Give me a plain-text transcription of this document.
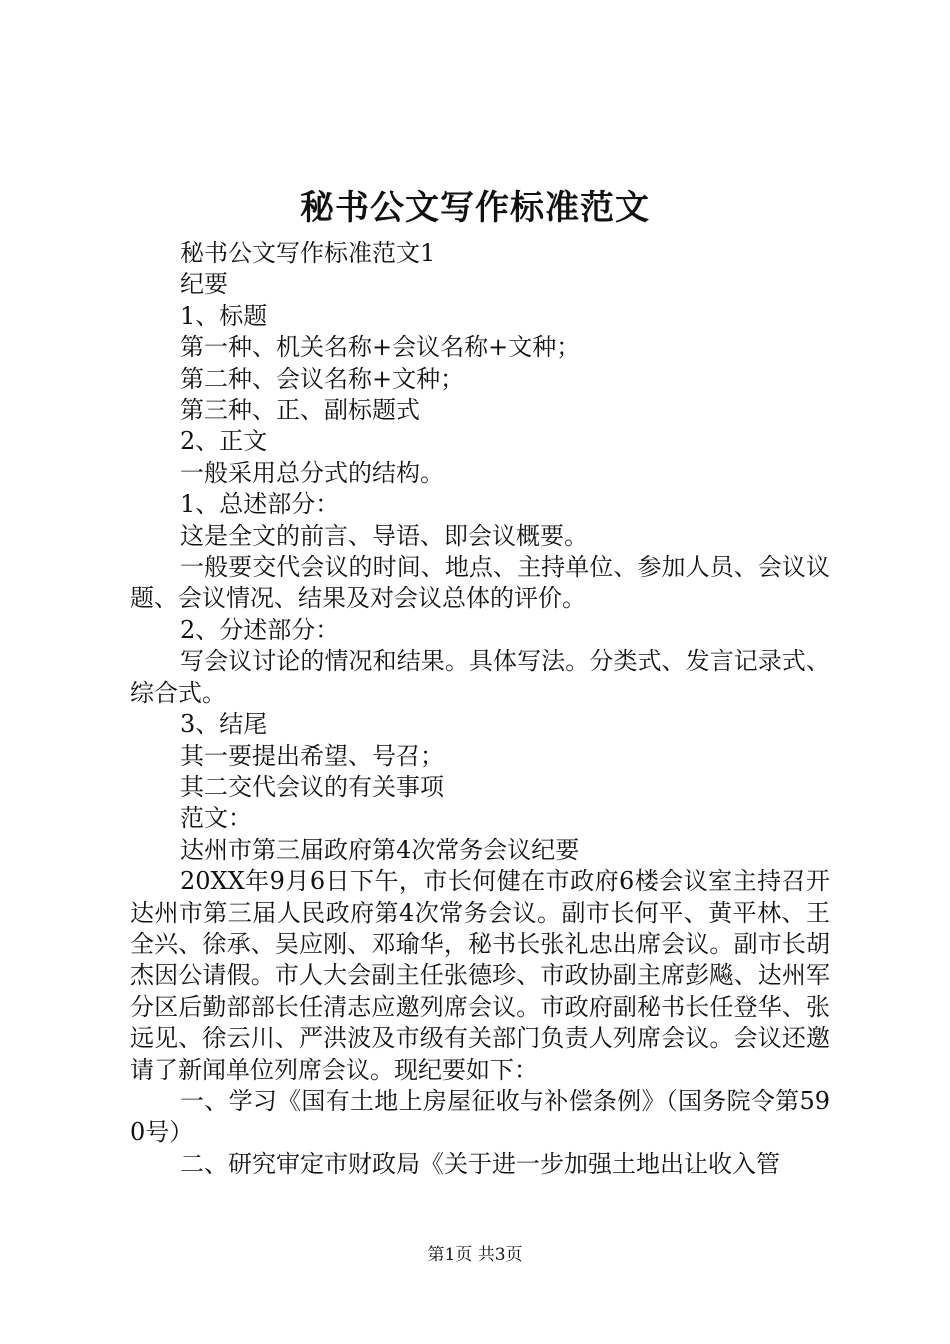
秘书公文写作标准范文

秘书公文写作标准范文1

纪要

1、标题

第一种、机关名称+会议名称+文种；

第二种、会议名称+文种；

第三种、正、副标题式

2、正文

一般采用总分式的结构。

1、总述部分：

这是全文的前言、导语、即会议概要。

一般要交代会议的时间、地点、主持单位、参加人员、会议议题、会议情况、结果及对会议总体的评价。

2、分述部分：

写会议讨论的情况和结果。具体写法。分类式、发言记录式、综合式。

3、结尾

其一要提出希望、号召；

其二交代会议的有关事项

范文：

达州市第三届政府第4次常务会议纪要

20XX年9月6日下午，市长何健在市政府6楼会议室主持召开达州市第三届人民政府第4次常务会议。副市长何平、黄平林、王全兴、徐承、吴应刚、邓瑜华，秘书长张礼忠出席会议。副市长胡杰因公请假。市人大会副主任张德珍、市政协副主席彭飚、达州军分区后勤部部长任清志应邀列席会议。市政府副秘书长任登华、张远见、徐云川、严洪波及市级有关部门负责人列席会议。会议还邀请了新闻单位列席会议。现纪要如下：

一、学习《国有土地上房屋征收与补偿条例》（国务院令第590号）

二、研究审定市财政局《关于进一步加强土地出让收入管

第1页 共3页
